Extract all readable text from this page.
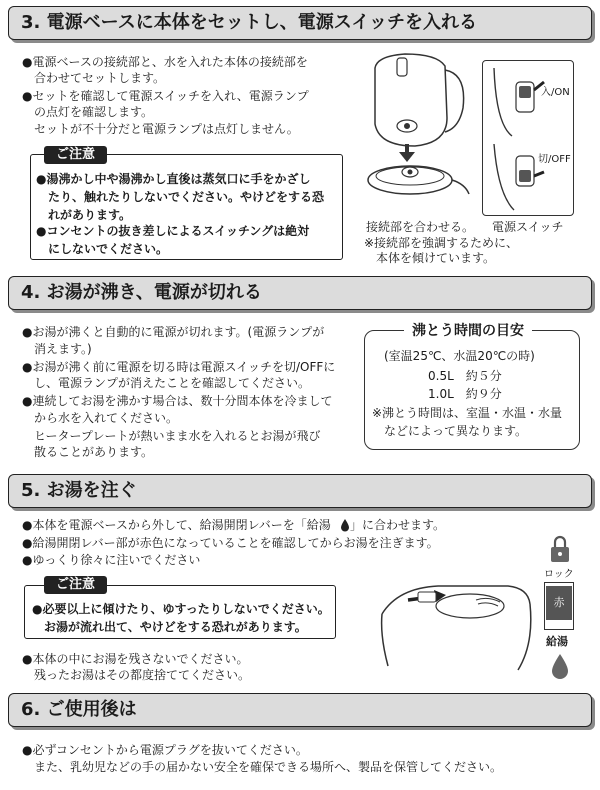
3. 電源ベースに本体をセットし、電源スイッチを入れる
●電源ベースの接続部と、水を入れた本体の接続部を
合わせてセットします。
●セットを確認して電源スイッチを入れ、電源ランプ
の点灯を確認します。
セットが不十分だと電源ランプは点灯しません。
ご注意
●湯沸かし中や湯沸かし直後は蒸気口に手をかざし
たり、触れたりしないでください。やけどをする恐
れがあります。
●コンセントの抜き差しによるスイッチングは絶対
にしないでください。
入/ON
切/OFF
接続部を合わせる。 電源スイッチ
※接続部を強調するために、
本体を傾けています。
4. お湯が沸き、電源が切れる
●お湯が沸くと自動的に電源が切れます。(電源ランプが
消えます。)
●お湯が沸く前に電源を切る時は電源スイッチを切/OFFに
し、電源ランプが消えたことを確認してください。
●連続してお湯を沸かす場合は、数十分間本体を冷まして
から水を入れてください。
ヒータープレートが熱いまま水を入れるとお湯が飛び
散ることがあります。
沸とう時間の目安
(室温25℃、水温20℃の時)
0.5L　約５分
1.0L　約９分
※沸とう時間は、室温・水温・水量
などによって異なります。
5. お湯を注ぐ
●本体を電源ベースから外して、給湯開閉レバーを「給湯 」に合わせます。
●給湯開閉レバー部が赤色になっていることを確認してからお湯を注ぎます。
●ゆっくり徐々に注いでください
ご注意
●必要以上に傾けたり、ゆすったりしないでください。
お湯が流れ出て、やけどをする恐れがあります。
●本体の中にお湯を残さないでください。
残ったお湯はその都度捨ててください。
ロック
赤
給湯
6. ご使用後は
●必ずコンセントから電源プラグを抜いてください。
また、乳幼児などの手の届かない安全を確保できる場所へ、製品を保管してください。
